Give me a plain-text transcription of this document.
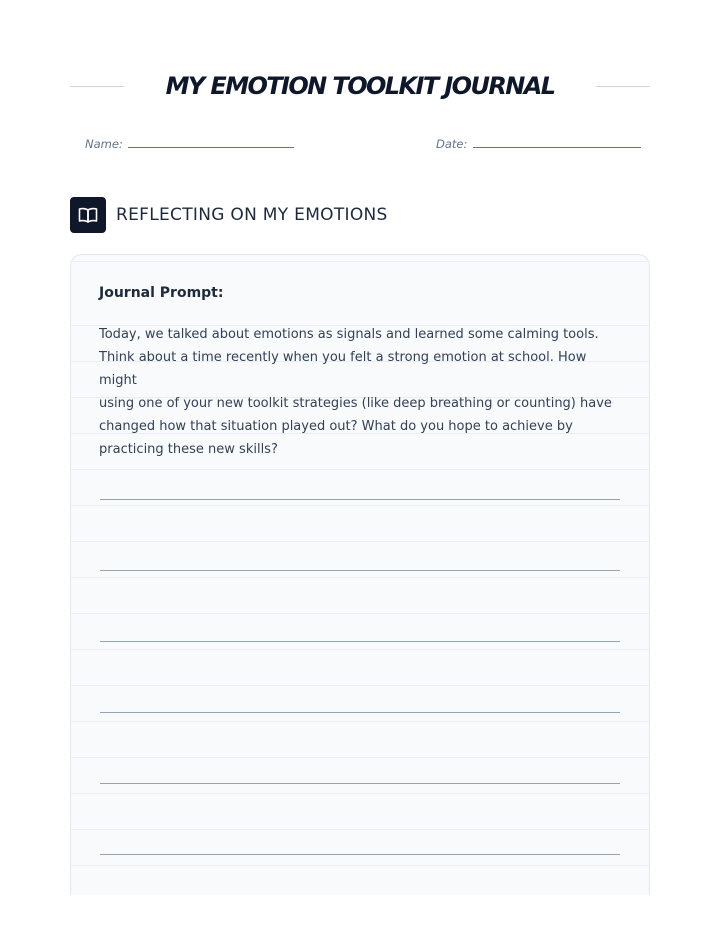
MY EMOTION TOOLKIT JOURNAL
Name:	Date:
REFLECTING ON MY EMOTIONS
Journal Prompt:
Today, we talked about emotions as signals and learned some calming tools.
Think about a time recently when you felt a strong emotion at school. How might
using one of your new toolkit strategies (like deep breathing or counting) have
changed how that situation played out? What do you hope to achieve by
practicing these new skills?
